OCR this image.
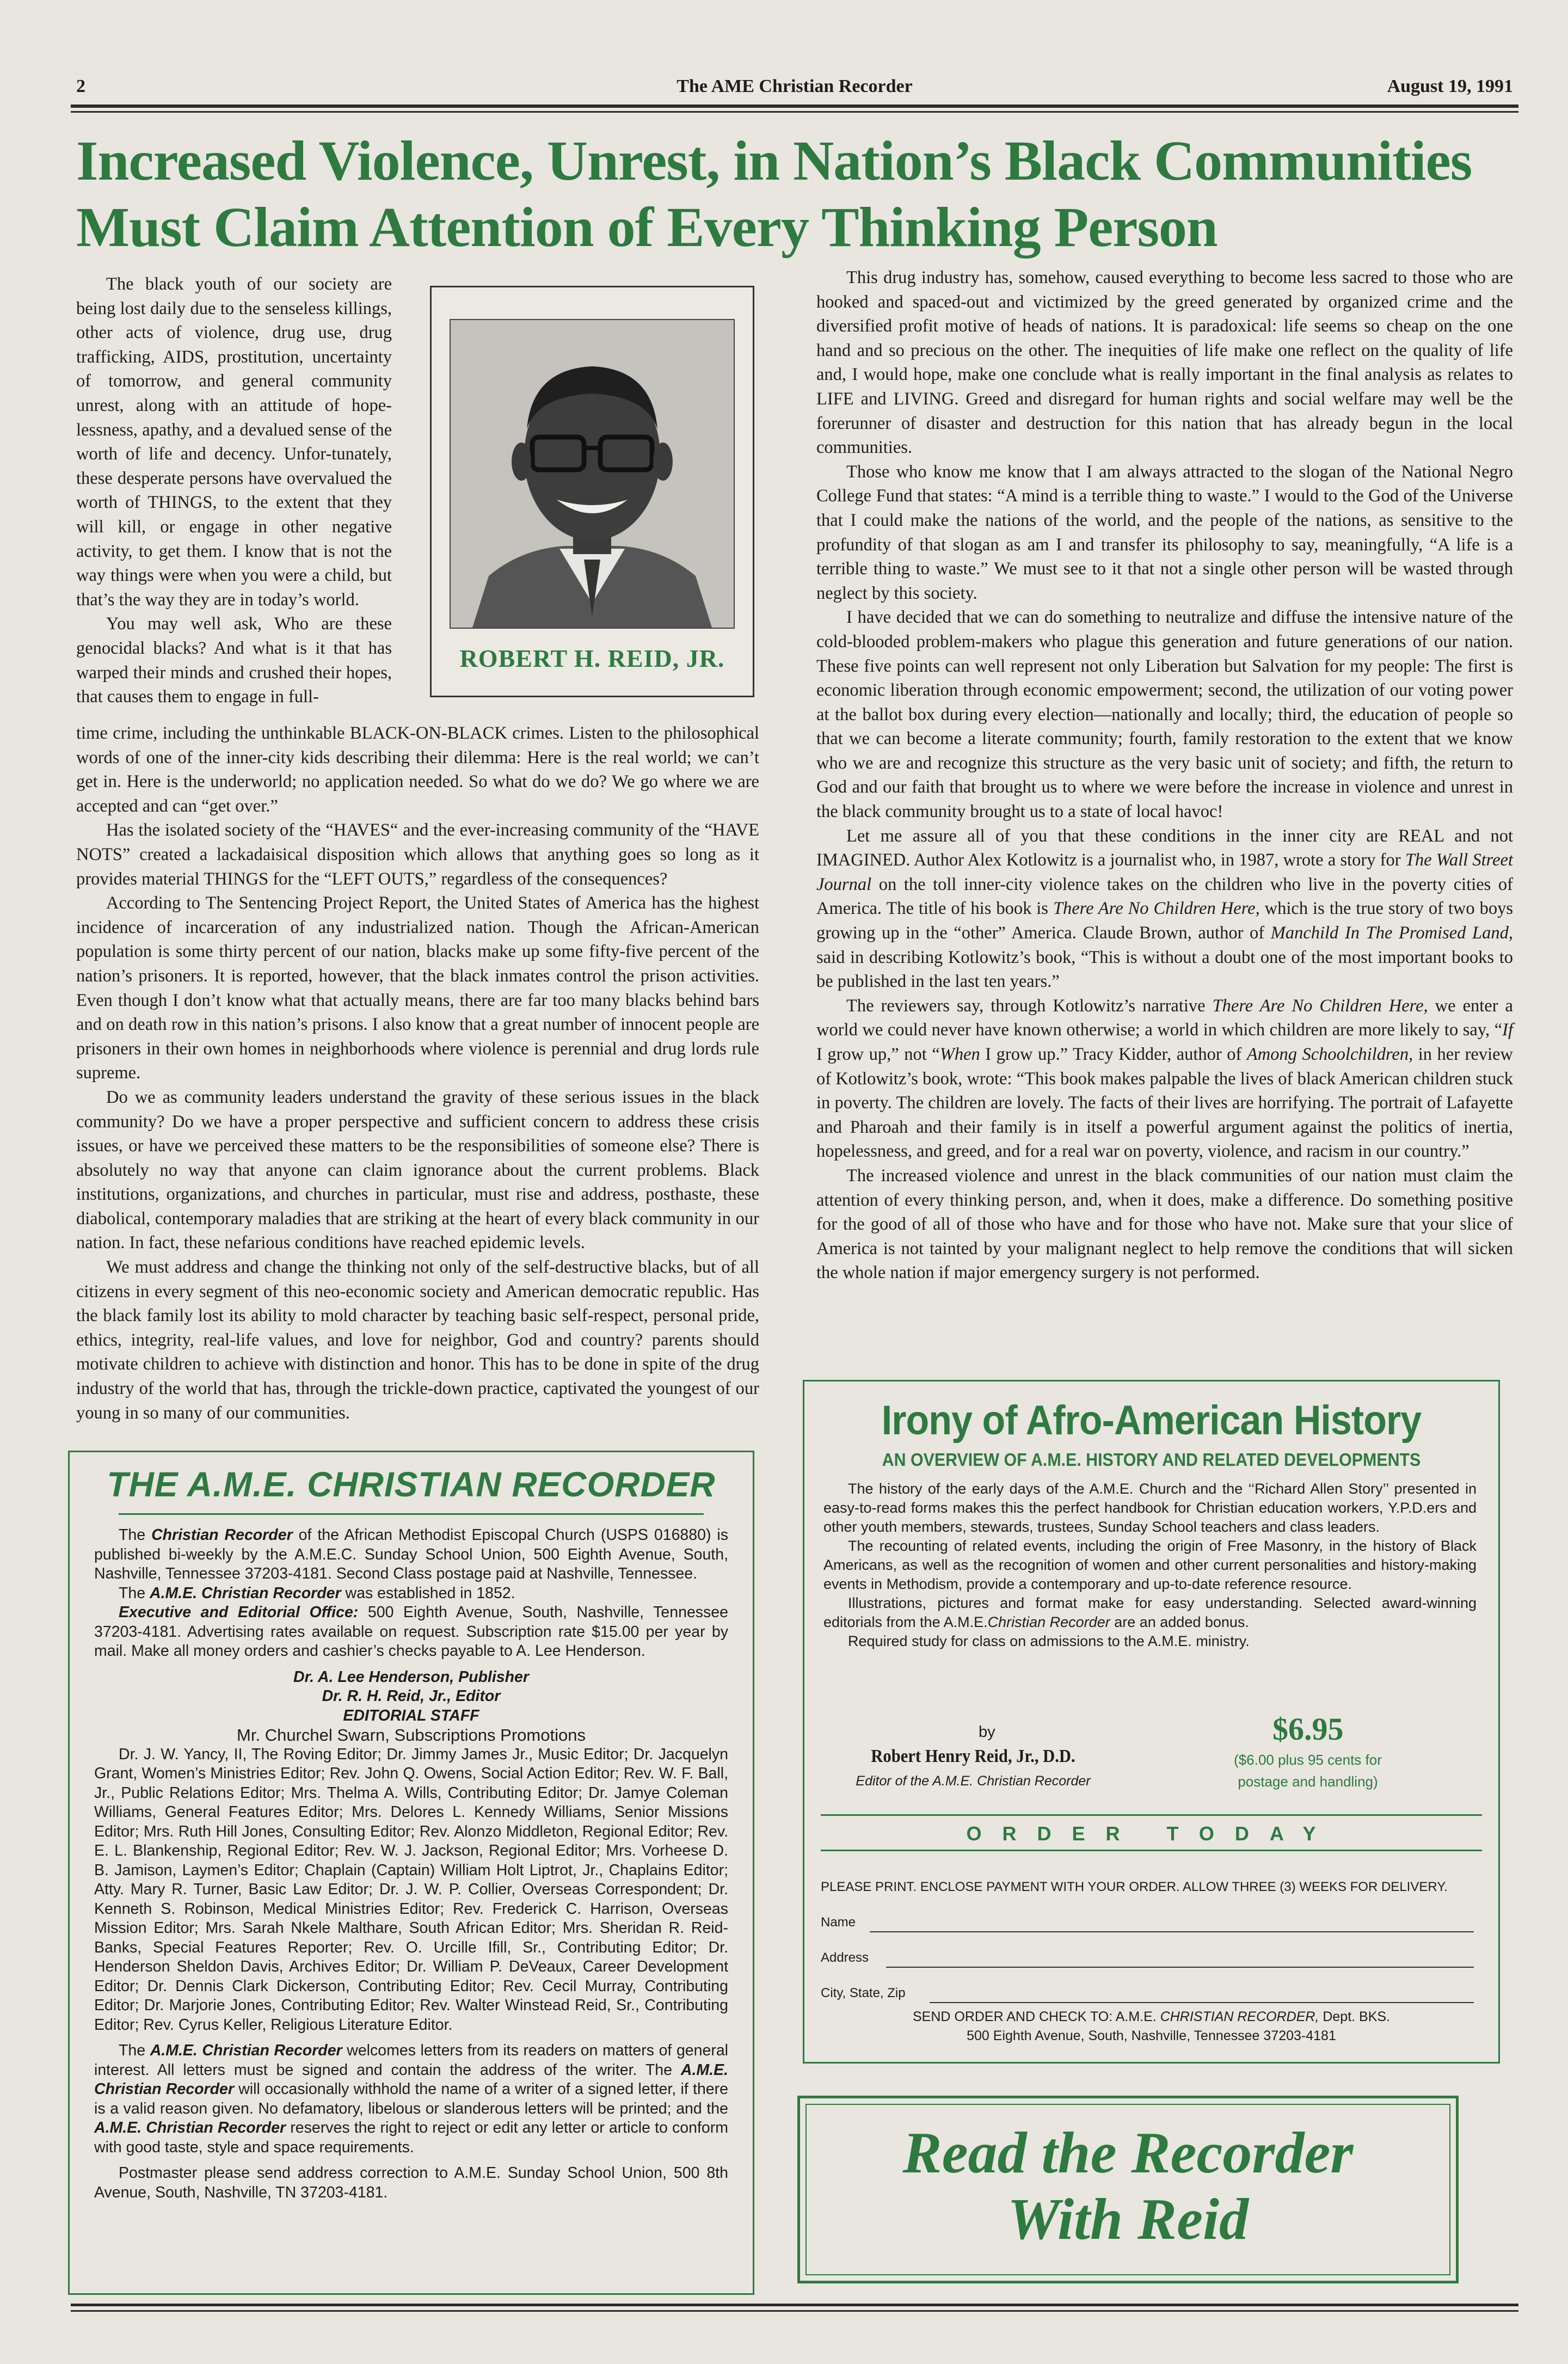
2	The AME Christian Recorder	August 19, 1991
Increased Violence, Unrest, in Nation’s Black Communities
Must Claim Attention of Every Thinking Person
ROBERT H. REID, JR.

The black youth of our society are being lost daily due to the senseless killings, other acts of violence, drug use, drug trafficking, AIDS, prostitution, uncertainty of tomorrow, and general community unrest, along with an attitude of hope-lessness, apathy, and a devalued sense of the worth of life and decency. Unfor-tunately, these desperate persons have overvalued the worth of THINGS, to the extent that they will kill, or engage in other negative activity, to get them. I know that is not the way things were when you were a child, but that’s the way they are in today’s world.

You may well ask, Who are these genocidal blacks? And what is it that has warped their minds and crushed their hopes, that causes them to engage in full-

time crime, including the unthinkable BLACK-ON-BLACK crimes. Listen to the philosophical words of one of the inner-city kids describing their dilemma: Here is the real world; we can’t get in. Here is the underworld; no application needed. So what do we do? We go where we are accepted and can “get over.”

Has the isolated society of the “HAVES“ and the ever-increasing community of the “HAVE NOTS” created a lackadaisical disposition which allows that anything goes so long as it provides material THINGS for the “LEFT OUTS,” regardless of the consequences?

According to The Sentencing Project Report, the United States of America has the highest incidence of incarceration of any industrialized nation. Though the African-American population is some thirty percent of our nation, blacks make up some fifty-five percent of the nation’s prisoners. It is reported, however, that the black inmates control the prison activities. Even though I don’t know what that actually means, there are far too many blacks behind bars and on death row in this nation’s prisons. I also know that a great number of innocent people are prisoners in their own homes in neighborhoods where violence is perennial and drug lords rule supreme.

Do we as community leaders understand the gravity of these serious issues in the black community? Do we have a proper perspective and sufficient concern to address these crisis issues, or have we perceived these matters to be the responsibilities of someone else? There is absolutely no way that anyone can claim ignorance about the current problems. Black institutions, organizations, and churches in particular, must rise and address, posthaste, these diabolical, contemporary maladies that are striking at the heart of every black community in our nation. In fact, these nefarious conditions have reached epidemic levels.

We must address and change the thinking not only of the self-destructive blacks, but of all citizens in every segment of this neo-economic society and American democratic republic. Has the black family lost its ability to mold character by teaching basic self-respect, personal pride, ethics, integrity, real-life values, and love for neighbor, God and country? parents should motivate children to achieve with distinction and honor. This has to be done in spite of the drug industry of the world that has, through the trickle-down practice, captivated the youngest of our young in so many of our communities.

This drug industry has, somehow, caused everything to become less sacred to those who are hooked and spaced-out and victimized by the greed generated by organized crime and the diversified profit motive of heads of nations. It is paradoxical: life seems so cheap on the one hand and so precious on the other. The inequities of life make one reflect on the quality of life and, I would hope, make one conclude what is really important in the final analysis as relates to LIFE and LIVING. Greed and disregard for human rights and social welfare may well be the forerunner of disaster and destruction for this nation that has already begun in the local communities.

Those who know me know that I am always attracted to the slogan of the National Negro College Fund that states: “A mind is a terrible thing to waste.” I would to the God of the Universe that I could make the nations of the world, and the people of the nations, as sensitive to the profundity of that slogan as am I and transfer its philosophy to say, meaningfully, “A life is a terrible thing to waste.” We must see to it that not a single other person will be wasted through neglect by this society.

I have decided that we can do something to neutralize and diffuse the intensive nature of the cold-blooded problem-makers who plague this generation and future generations of our nation. These five points can well represent not only Liberation but Salvation for my people: The first is economic liberation through economic empowerment; second, the utilization of our voting power at the ballot box during every election—nationally and locally; third, the education of people so that we can become a literate community; fourth, family restoration to the extent that we know who we are and recognize this structure as the very basic unit of society; and fifth, the return to God and our faith that brought us to where we were before the increase in violence and unrest in the black community brought us to a state of local havoc!

Let me assure all of you that these conditions in the inner city are REAL and not IMAGINED. Author Alex Kotlowitz is a journalist who, in 1987, wrote a story for The Wall Street Journal on the toll inner-city violence takes on the children who live in the poverty cities of America. The title of his book is There Are No Children Here, which is the true story of two boys growing up in the “other” America. Claude Brown, author of Manchild In The Promised Land, said in describing Kotlowitz’s book, “This is without a doubt one of the most important books to be published in the last ten years.”

The reviewers say, through Kotlowitz’s narrative There Are No Children Here, we enter a world we could never have known otherwise; a world in which children are more likely to say, “If I grow up,” not “When I grow up.” Tracy Kidder, author of Among Schoolchildren, in her review of Kotlowitz’s book, wrote: “This book makes palpable the lives of black American children stuck in poverty. The children are lovely. The facts of their lives are horrifying. The portrait of Lafayette and Pharoah and their family is in itself a powerful argument against the politics of inertia, hopelessness, and greed, and for a real war on poverty, violence, and racism in our country.”

The increased violence and unrest in the black communities of our nation must claim the attention of every thinking person, and, when it does, make a difference. Do something positive for the good of all of those who have and for those who have not. Make sure that your slice of America is not tainted by your malignant neglect to help remove the conditions that will sicken the whole nation if major emergency surgery is not performed.

THE A.M.E. CHRISTIAN RECORDER

The Christian Recorder of the African Methodist Episcopal Church (USPS 016880) is published bi-weekly by the A.M.E.C. Sunday School Union, 500 Eighth Avenue, South, Nashville, Tennessee 37203-4181. Second Class postage paid at Nashville, Tennessee.

The A.M.E. Christian Recorder was established in 1852.

Executive and Editorial Office: 500 Eighth Avenue, South, Nashville, Tennessee 37203-4181. Advertising rates available on request. Subscription rate $15.00 per year by mail. Make all money orders and cashier’s checks payable to A. Lee Henderson.

Dr. A. Lee Henderson, Publisher

Dr. R. H. Reid, Jr., Editor

EDITORIAL STAFF

Mr. Churchel Swarn, Subscriptions Promotions

Dr. J. W. Yancy, II, The Roving Editor; Dr. Jimmy James Jr., Music Editor; Dr. Jacquelyn Grant, Women’s Ministries Editor; Rev. John Q. Owens, Social Action Editor; Rev. W. F. Ball, Jr., Public Relations Editor; Mrs. Thelma A. Wills, Contributing Editor; Dr. Jamye Coleman Williams, General Features Editor; Mrs. Delores L. Kennedy Williams, Senior Missions Editor; Mrs. Ruth Hill Jones, Consulting Editor; Rev. Alonzo Middleton, Regional Editor; Rev. E. L. Blankenship, Regional Editor; Rev. W. J. Jackson, Regional Editor; Mrs. Vorheese D. B. Jamison, Laymen’s Editor; Chaplain (Captain) William Holt Liptrot, Jr., Chaplains Editor; Atty. Mary R. Turner, Basic Law Editor; Dr. J. W. P. Collier, Overseas Correspondent; Dr. Kenneth S. Robinson, Medical Ministries Editor; Rev. Frederick C. Harrison, Overseas Mission Editor; Mrs. Sarah Nkele Malthare, South African Editor; Mrs. Sheridan R. Reid-Banks, Special Features Reporter; Rev. O. Urcille Ifill, Sr., Contributing Editor; Dr. Henderson Sheldon Davis, Archives Editor; Dr. William P. DeVeaux, Career Development Editor; Dr. Dennis Clark Dickerson, Contributing Editor; Rev. Cecil Murray, Contributing Editor; Dr. Marjorie Jones, Contributing Editor; Rev. Walter Winstead Reid, Sr., Contributing Editor; Rev. Cyrus Keller, Religious Literature Editor.

The A.M.E. Christian Recorder welcomes letters from its readers on matters of general interest. All letters must be signed and contain the address of the writer. The A.M.E. Christian Recorder will occasionally withhold the name of a writer of a signed letter, if there is a valid reason given. No defamatory, libelous or slanderous letters will be printed; and the A.M.E. Christian Recorder reserves the right to reject or edit any letter or article to conform with good taste, style and space requirements.

Postmaster please send address correction to A.M.E. Sunday School Union, 500 8th Avenue, South, Nashville, TN 37203-4181.

Irony of Afro-American History
AN OVERVIEW OF A.M.E. HISTORY AND RELATED DEVELOPMENTS

The history of the early days of the A.M.E. Church and the ‘‘Richard Allen Story’’ presented in easy-to-read forms makes this the perfect handbook for Christian education workers, Y.P.D.ers and other youth members, stewards, trustees, Sunday School teachers and class leaders.

The recounting of related events, including the origin of Free Masonry, in the history of Black Americans, as well as the recognition of women and other current personalities and history-making events in Methodism, provide a contemporary and up-to-date reference resource.

Illustrations, pictures and format make for easy understanding. Selected award-winning editorials from the A.M.E.Christian Recorder are an added bonus.

Required study for class on admissions to the A.M.E. ministry.

by
Robert Henry Reid, Jr., D.D.
Editor of the A.M.E. Christian Recorder
$6.95
($6.00 plus 95 cents for
postage and handling)
ORDER TODAY
PLEASE PRINT. ENCLOSE PAYMENT WITH YOUR ORDER. ALLOW THREE (3) WEEKS FOR DELIVERY.
Name
Address
City, State, Zip
SEND ORDER AND CHECK TO: A.M.E. CHRISTIAN RECORDER, Dept. BKS.
500 Eighth Avenue, South, Nashville, Tennessee 37203-4181
Read the Recorder
With Reid
